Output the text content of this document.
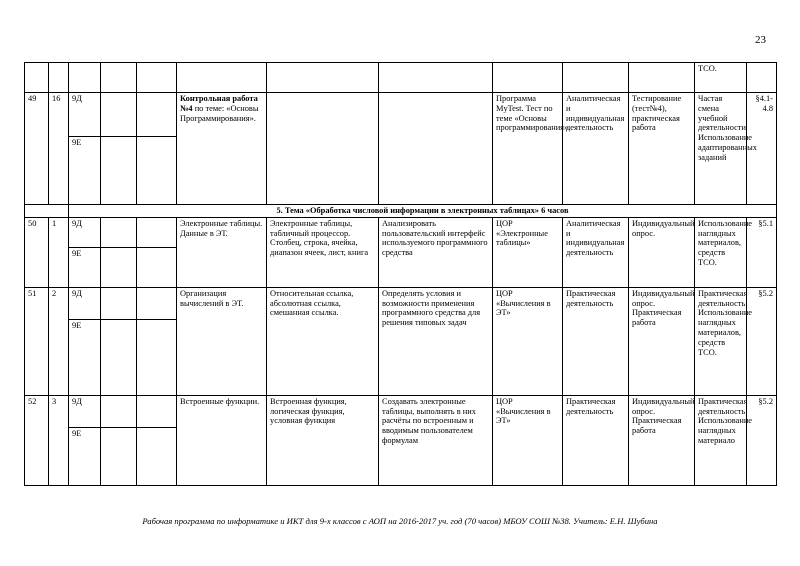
23
											ТСО.	
49	16	9Д			Контрольная работа №4 по теме: «Основы Программирования».			Программа MyTest. Тест по теме «Основы программирования».	Аналитическая и индивидуальная деятельность	Тестирование (тест№4), практическая работа	Частая смена учебной деятельности Использование адаптированных заданий	§4.1-4.8
		9Е										
		5. Тема «Обработка числовой информации в электронных таблицах» 6 часов										
50	1	9Д			Электронные таблицы. Данные в ЭТ.	Электронные таблицы, табличный процессор. Столбец, строка, ячейка, диапазон ячеек, лист, книга	Анализировать пользовательский интерфейс используемого программного средства	ЦОР «Электронные таблицы»	Аналитическая и индивидуальная деятельность	Индивидуальный опрос.	Использование наглядных материалов, средств ТСО.	§5.1
		9Е										
51	2	9Д			Организация вычислений в ЭТ.	Относительная ссылка, абсолютная ссылка, смешанная ссылка.	Определять условия и возможности применения программного средства для решения типовых задач	ЦОР «Вычисления в ЭТ»	Практическая деятельность	Индивидуальный опрос. Практическая работа	Практическая деятельность Использование наглядных материалов, средств ТСО.	§5.2
		9Е										
52	3	9Д			Встроенные функции.	Встроенная функция, логическая функция, условная функция	Создавать электронные таблицы, выполнять в них расчёты по встроенным и вводимым пользователем формулам	ЦОР «Вычисления в ЭТ»	Практическая деятельность	Индивидуальный опрос. Практическая работа	Практическая деятельность Использование наглядных материало	§5.2
		9Е										
Рабочая программа по информатике и ИКТ для 9-х классов с АОП на 2016-2017 уч. год (70 часов) МБОУ СОШ №38. Учитель: Е.Н. Шубина
